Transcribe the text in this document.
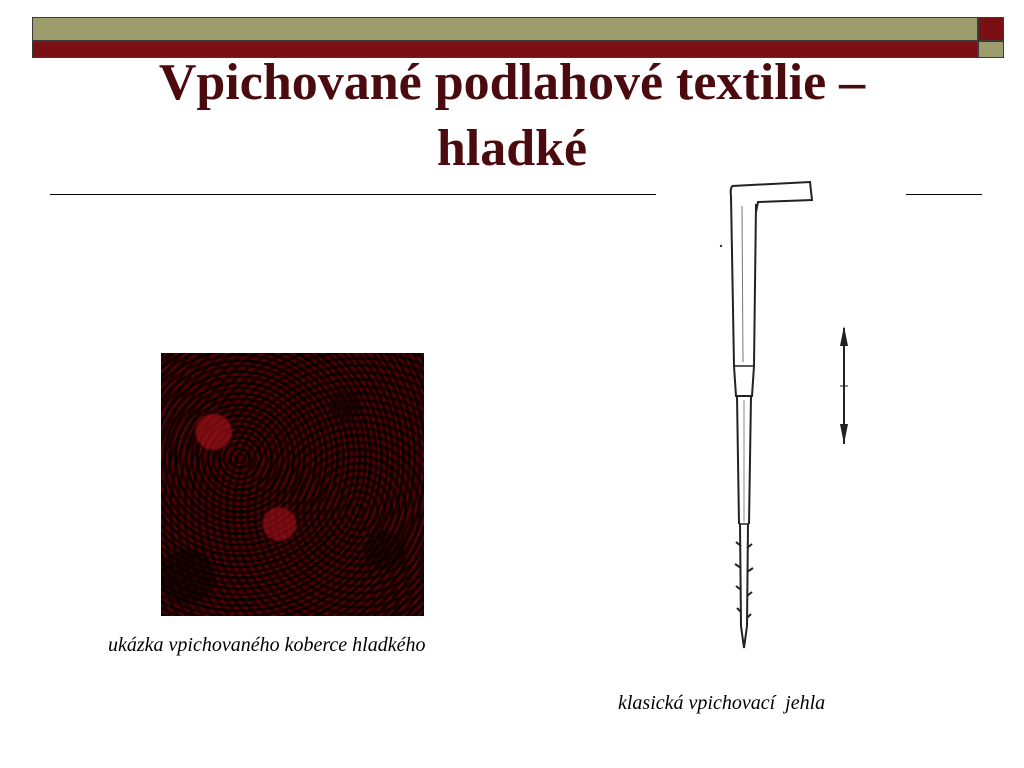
Vpichované podlahové textilie –
hladké
ukázka vpichovaného koberce hladkého
klasická vpichovací  jehla
